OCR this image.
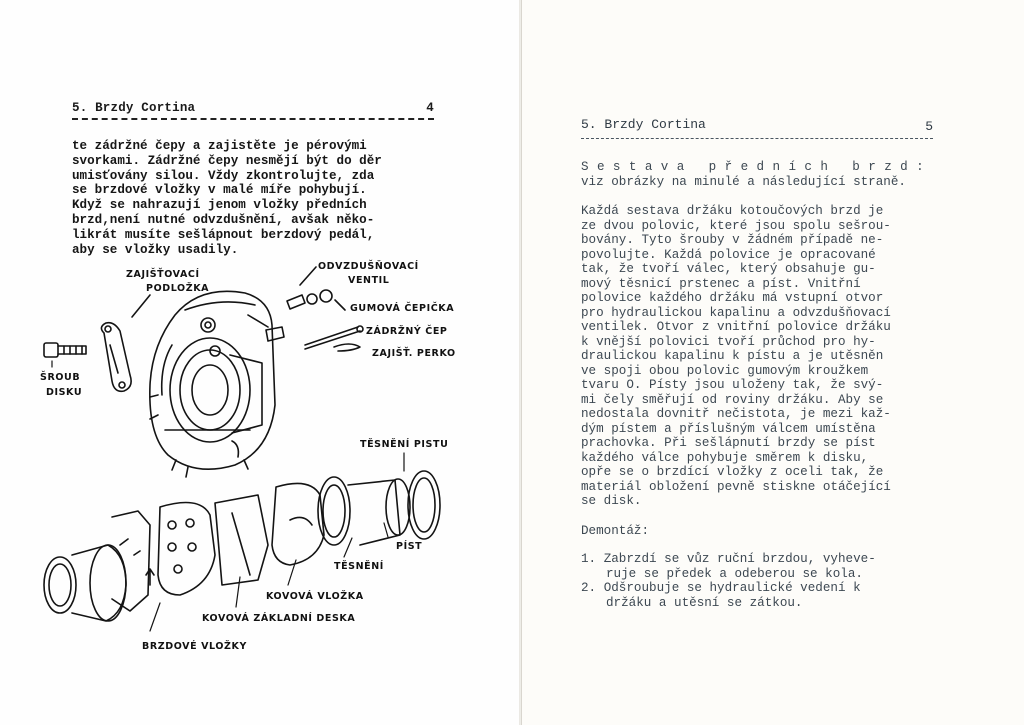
5. Brzdy Cortina	4
te zádržné čepy a zajistěte je pérovými
svorkami. Zádržné čepy nesmějí být do děr
umisťovány silou. Vždy zkontrolujte, zda
se brzdové vložky v malé míře pohybují.
Když se nahrazují jenom vložky předních
brzd,není nutné odvzdušnění, avšak něko-
likrát musíte sešlápnout berzdový pedál,
aby se vložky usadily.
ZAJIŠŤOVACÍ
PODLOŽKA
ODVZDUŠŇOVACÍ
VENTIL
GUMOVÁ ČEPIČKA
ZÁDRŽNÝ ČEP
ZAJIŠŤ. PERKO
ŠROUB
DISKU
TĚSNĚNÍ PISTU
PÍST
TĚSNĚNÍ
KOVOVÁ VLOŽKA
KOVOVÁ ZÁKLADNÍ DESKA
BRZDOVÉ VLOŽKY
5. Brzdy Cortina	5
Sestava předních brzd:
viz obrázky na minulé a následující straně.
Každá sestava držáku kotoučových brzd je
ze dvou polovic, které jsou spolu sešrou-
bovány. Tyto šrouby v žádném případě ne-
povolujte. Každá polovice je opracované
tak, že tvoří válec, který obsahuje gu-
mový těsnicí prstenec a píst. Vnitřní
polovice každého držáku má vstupní otvor
pro hydraulickou kapalinu a odvzdušňovací
ventilek. Otvor z vnitřní polovice držáku
k vnější polovici tvoří průchod pro hy-
draulickou kapalinu k pístu a je utěsněn
ve spoji obou polovic gumovým kroužkem
tvaru O. Písty jsou uloženy tak, že svý-
mi čely směřují od roviny držáku. Aby se
nedostala dovnitř nečistota, je mezi kaž-
dým pístem a příslušným válcem umístěna
prachovka. Při sešlápnutí brzdy se píst
každého válce pohybuje směrem k disku,
opře se o brzdící vložky z oceli tak, že
materiál obložení pevně stiskne otáčející
se disk.
Demontáž:
1. Zabrzdí se vůz ruční brzdou, vyheve-
ruje se předek a odeberou se kola.
2. Odšroubuje se hydraulické vedení k
držáku a utěsní se zátkou.
